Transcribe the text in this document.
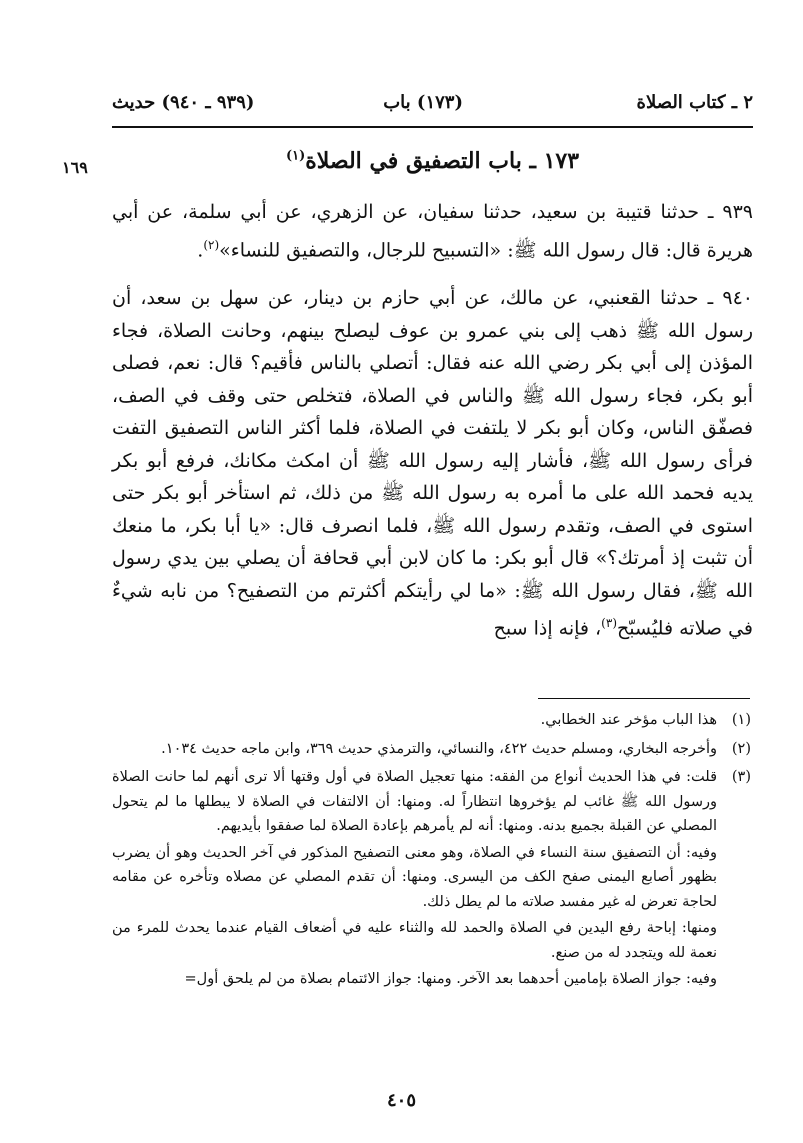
٢ ـ كتاب الصلاة
(١٧٣) باب
(٩٣٩ ـ ٩٤٠) حديث
١٦٩	١٧٣ ـ باب التصفيق في الصلاة$^{(١)}$

٩٣٩ ـ حدثنا قتيبة بن سعيد، حدثنا سفيان، عن الزهري، عن أبي سلمة، عن أبي هريرة قال: قال رسول الله ﷺ: «التسبيح للرجال، والتصفيق للنساء»$^{(٢)}$.

٩٤٠ ـ حدثنا القعنبي، عن مالك، عن أبي حازم بن دينار، عن سهل بن سعد، أن رسول الله ﷺ ذهب إلى بني عمرو بن عوف ليصلح بينهم، وحانت الصلاة، فجاء المؤذن إلى أبي بكر رضي الله عنه فقال: أتصلي بالناس فأقيم؟ قال: نعم، فصلى أبو بكر، فجاء رسول الله ﷺ والناس في الصلاة، فتخلص حتى وقف في الصف، فصفّق الناس، وكان أبو بكر لا يلتفت في الصلاة، فلما أكثر الناس التصفيق التفت فرأى رسول الله ﷺ، فأشار إليه رسول الله ﷺ أن امكث مكانك، فرفع أبو بكر يديه فحمد الله على ما أمره به رسول الله ﷺ من ذلك، ثم استأخر أبو بكر حتى استوى في الصف، وتقدم رسول الله ﷺ، فلما انصرف قال: «يا أبا بكر، ما منعك أن تثبت إذ أمرتك؟» قال أبو بكر: ما كان لابن أبي قحافة أن يصلي بين يدي رسول الله ﷺ، فقال رسول الله ﷺ: «ما لي رأيتكم أكثرتم من التصفيح؟ من نابه شيءٌ في صلاته فليُسبّح$^{(٣)}$، فإنه إذا سبح

(١)

هذا الباب مؤخر عند الخطابي.

(٢)

وأخرجه البخاري، ومسلم حديث ٤٢٢، والنسائي، والترمذي حديث ٣٦٩، وابن ماجه حديث ١٠٣٤.

(٣)

قلت: في هذا الحديث أنواع من الفقه: منها تعجيل الصلاة في أول وقتها ألا ترى أنهم لما حانت الصلاة ورسول الله ﷺ غائب لم يؤخروها انتظاراً له. ومنها: أن الالتفات في الصلاة لا يبطلها ما لم يتحول المصلي عن القبلة بجميع بدنه. ومنها: أنه لم يأمرهم بإعادة الصلاة لما صفقوا بأيديهم.

وفيه: أن التصفيق سنة النساء في الصلاة، وهو معنى التصفيح المذكور في آخر الحديث وهو أن يضرب بظهور أصابع اليمنى صفح الكف من اليسرى. ومنها: أن تقدم المصلي عن مصلاه وتأخره عن مقامه لحاجة تعرض له غير مفسد صلاته ما لم يطل ذلك.

ومنها: إباحة رفع اليدين في الصلاة والحمد لله والثناء عليه في أضعاف القيام عندما يحدث للمرء من نعمة لله ويتجدد له من صنع.

وفيه: جواز الصلاة بإمامين أحدهما بعد الآخر. ومنها: جواز الائتمام بصلاة من لم يلحق أول=

٤٠٥
